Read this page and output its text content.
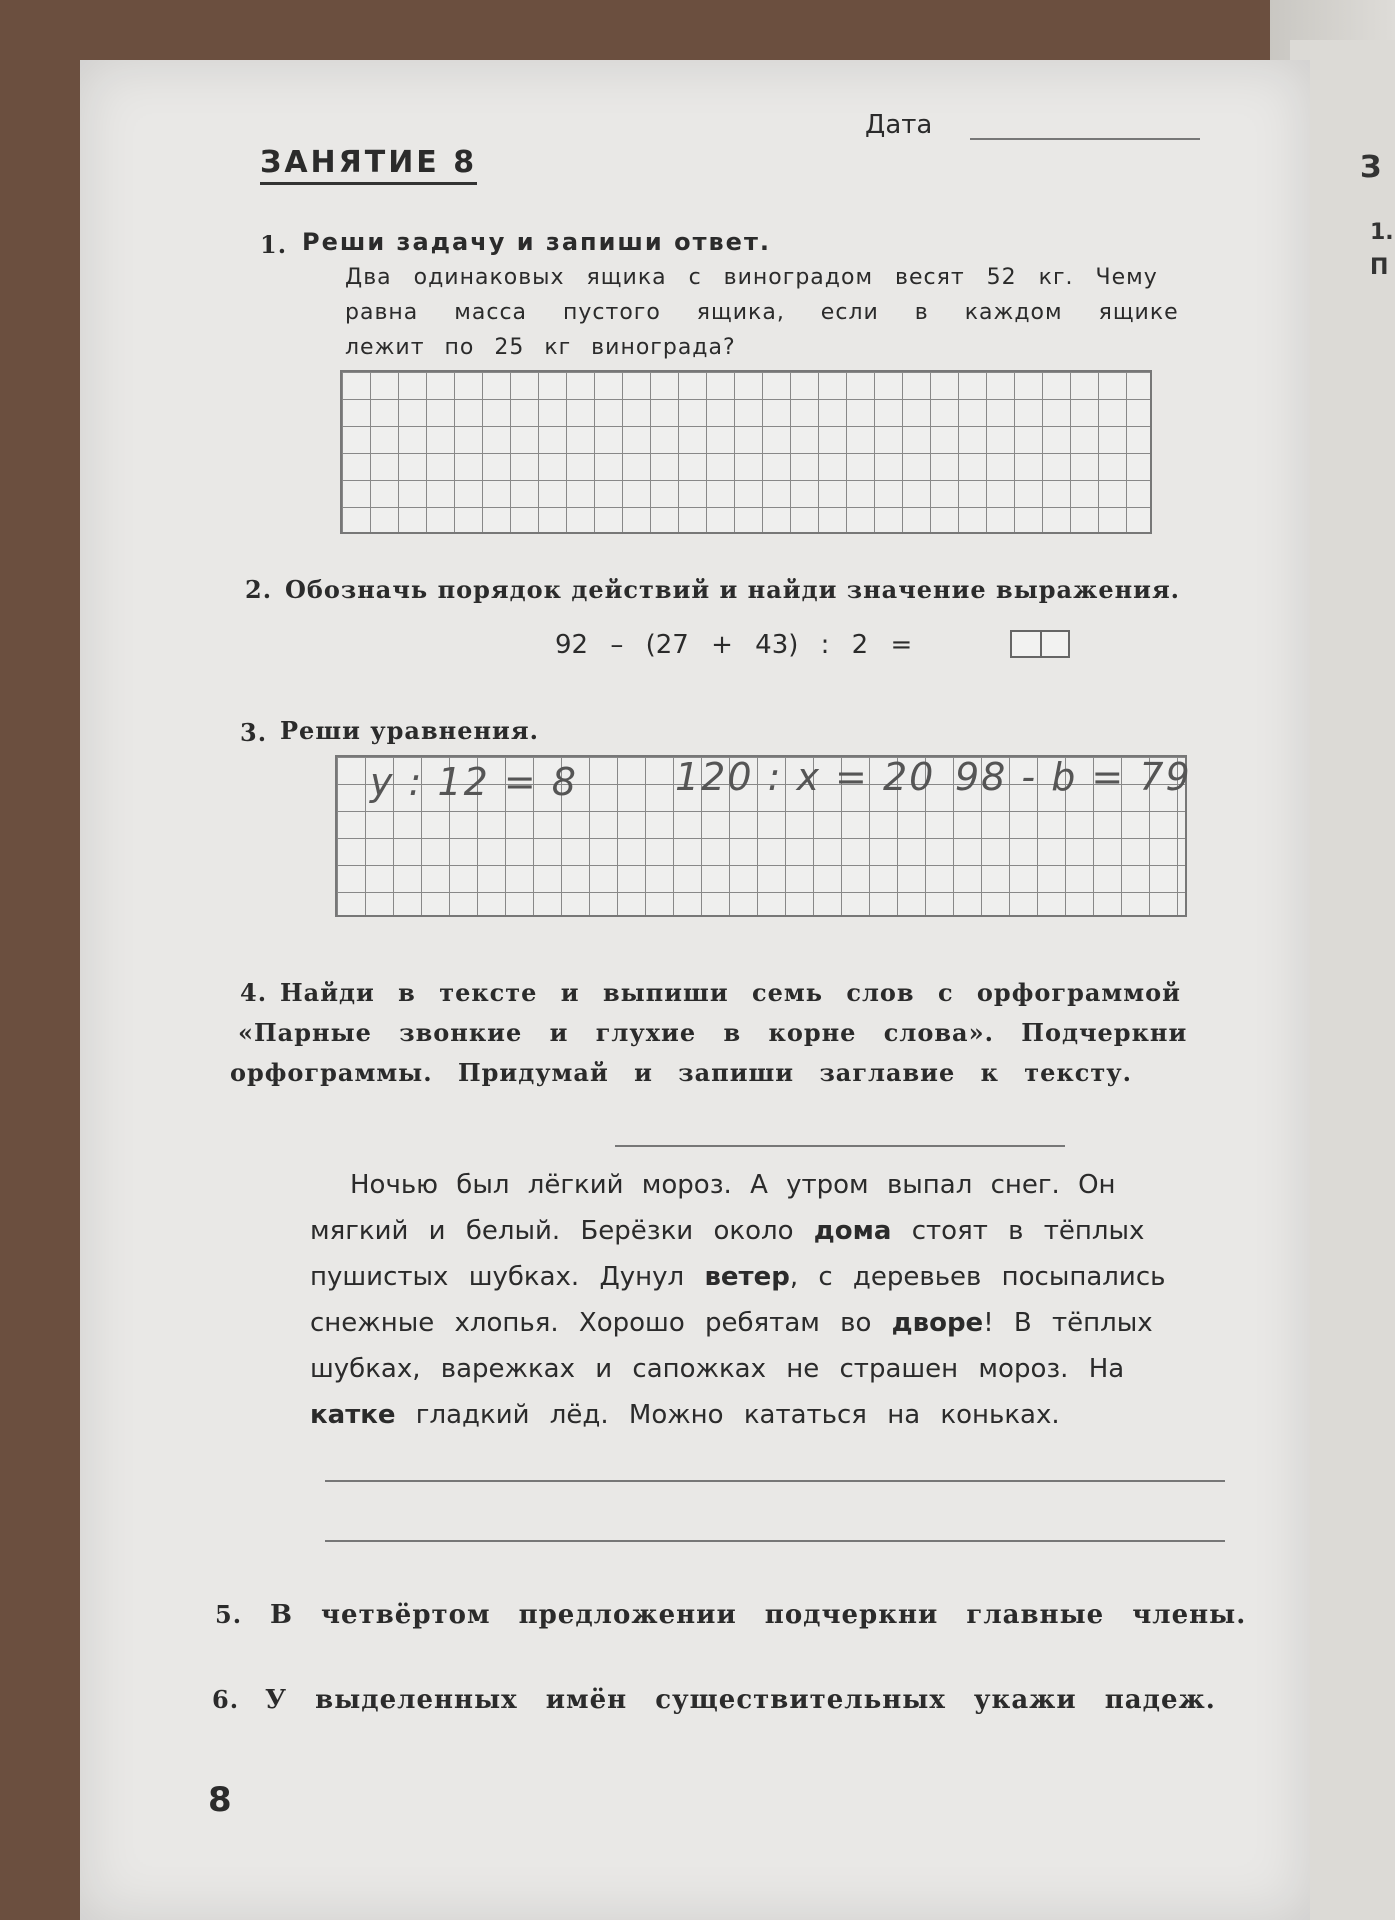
З
1.
П
Дата
ЗАНЯТИЕ 8
1. Реши задачу и запиши ответ.
Два одинаковых ящика с виноградом весят 52 кг. Чему
равна масса пустого ящика, если в каждом ящике
лежит по 25 кг винограда?
2. Обозначь порядок действий и найди значение выражения.
92 – (27 + 43) : 2 =
3. Реши уравнения.
y : 12 = 8	120 : x = 20 98 - b = 79
4. Найди в тексте и выпиши семь слов с орфограммой
«Парные звонкие и глухие в корне слова». Подчеркни
орфограммы. Придумай и запиши заглавие к тексту.
Ночью был лёгкий мороз. А утром выпал снег. Он
мягкий и белый. Берёзки около дома стоят в тёплых
пушистых шубках. Дунул ветер, с деревьев посыпались
снежные хлопья. Хорошо ребятам во дворе! В тёплых
шубках, варежках и сапожках не страшен мороз. На
катке гладкий лёд. Можно кататься на коньках.
5. В четвёртом предложении подчеркни главные члены.
6. У выделенных имён существительных укажи падеж.
8
